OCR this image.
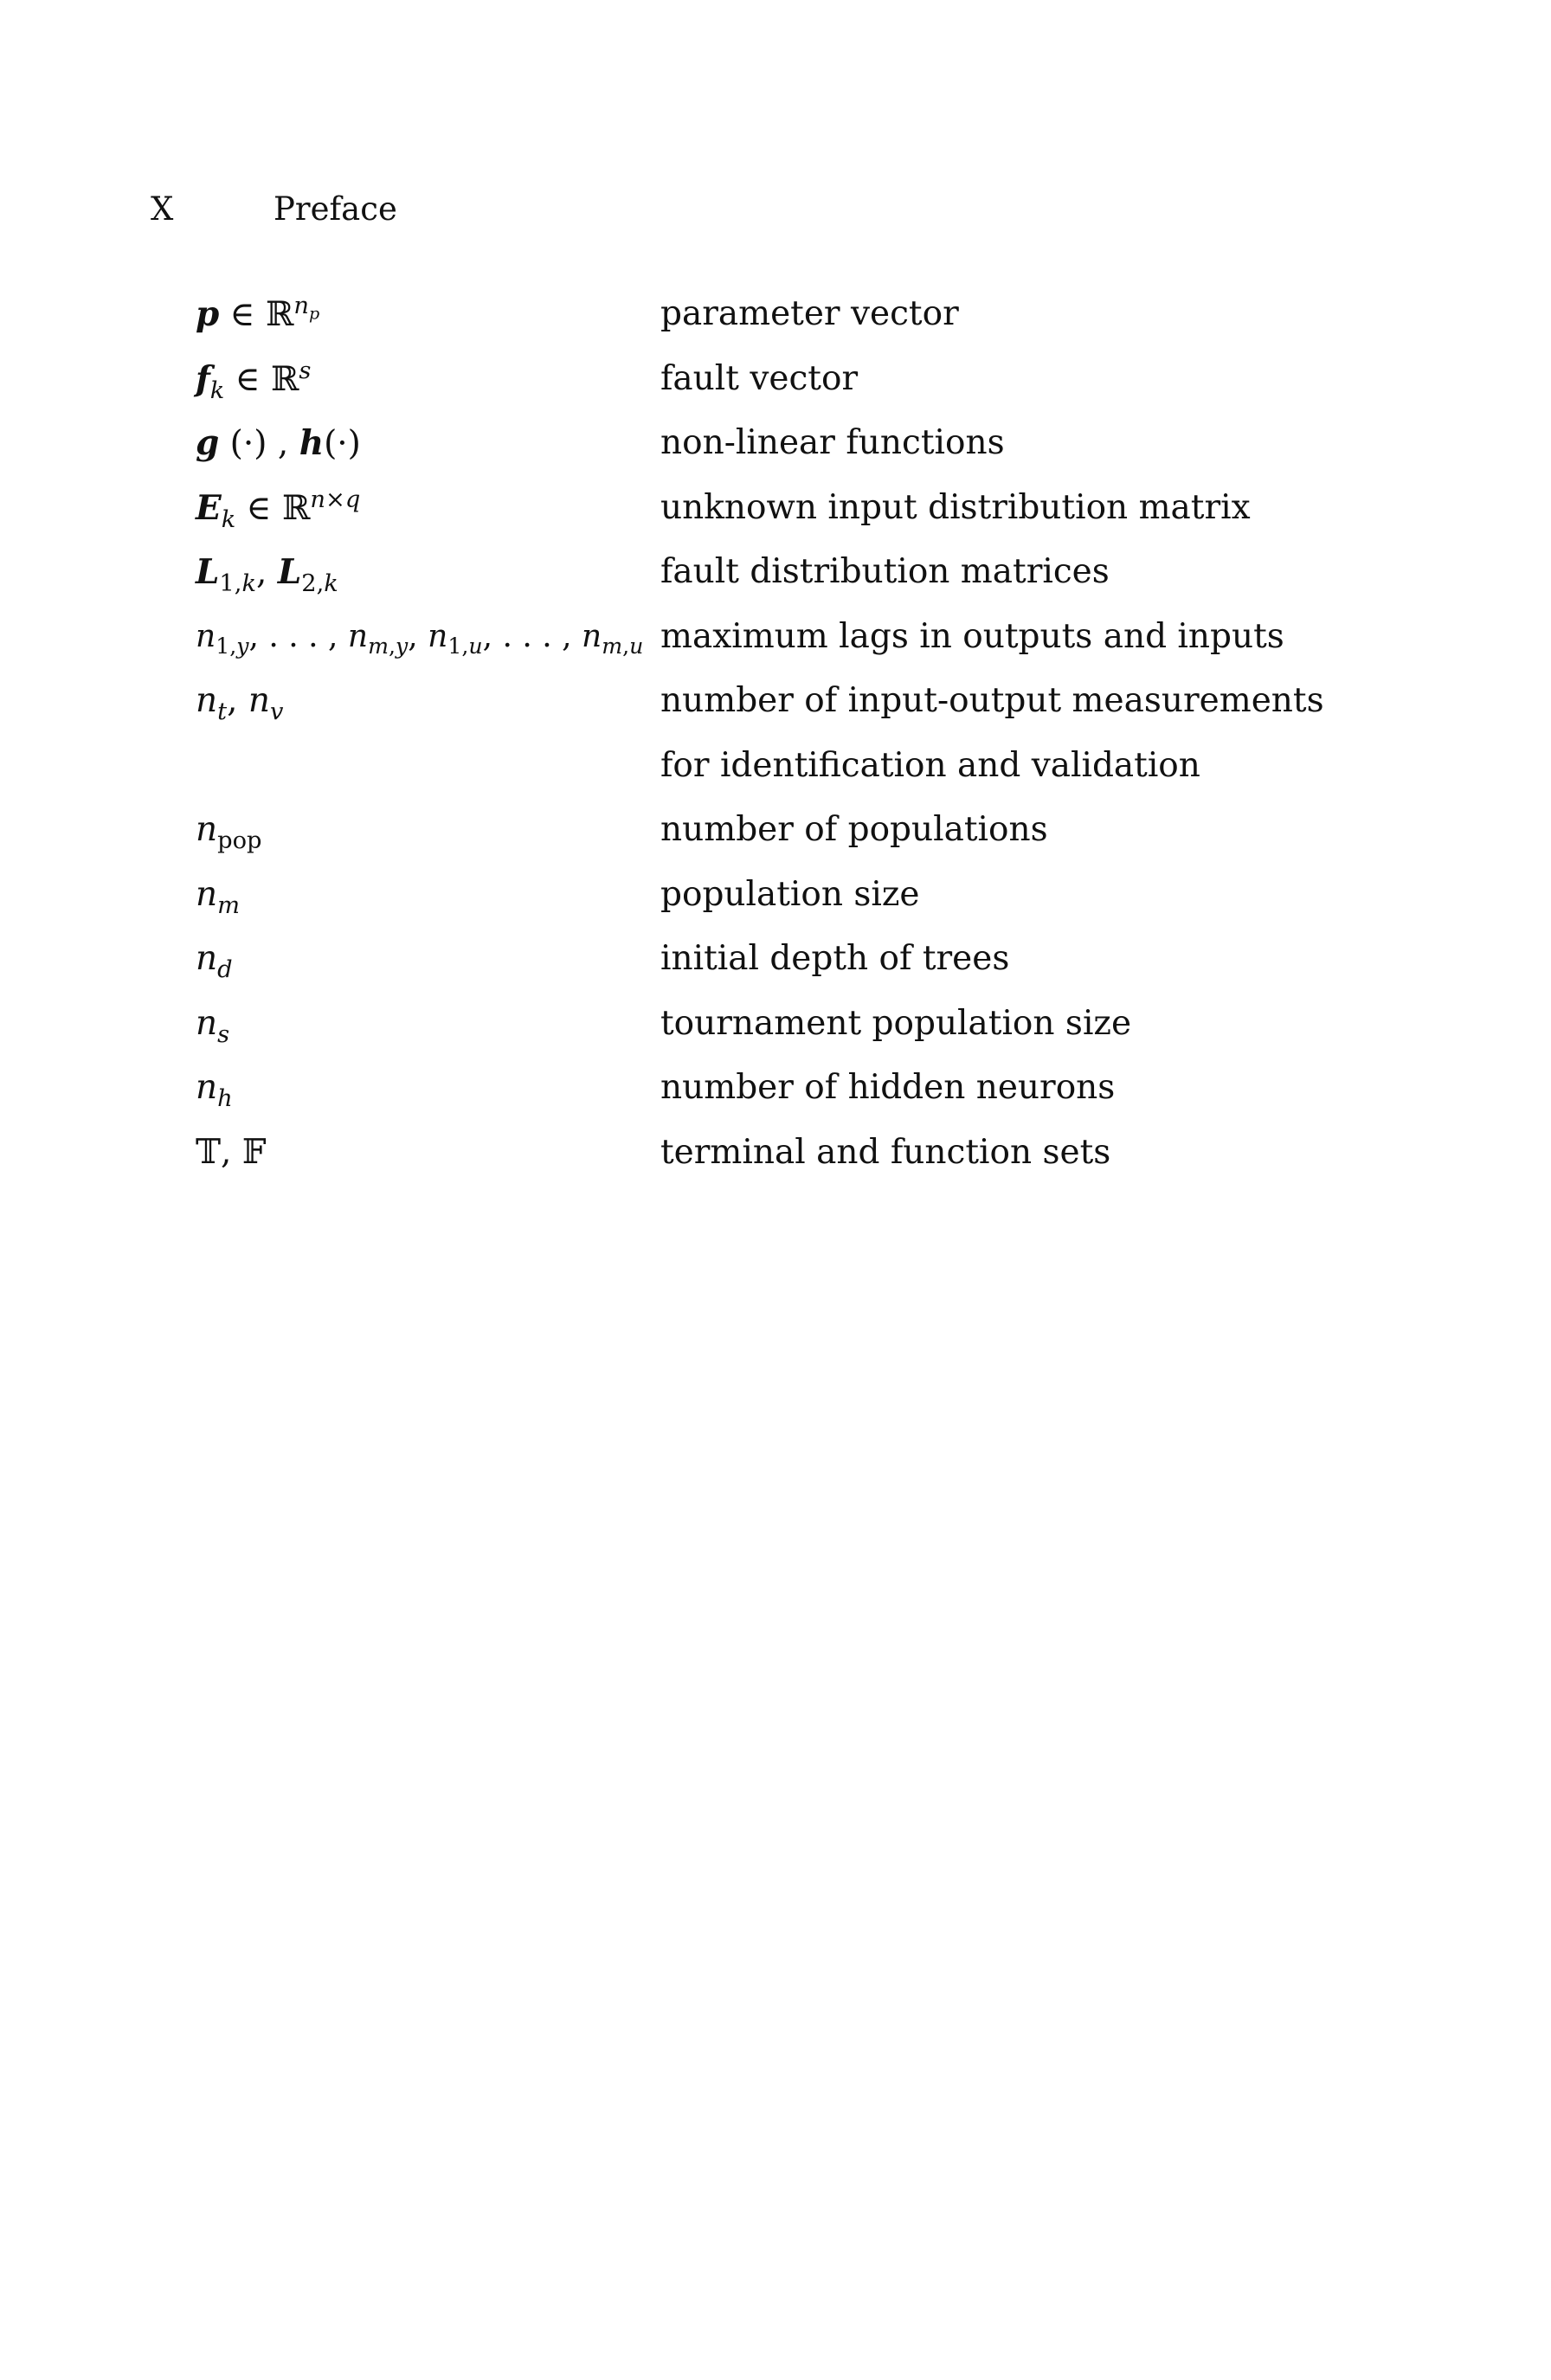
X	Preface
p ∈ ℝ$^{n_p}$	parameter vector
$f_k$ ∈ ℝ$^s$	fault vector
g (·) , h(·)	non-linear functions
$E_k$ ∈ ℝ$^{n\times q}$	unknown input distribution matrix
$L_{1,k}$, $L_{2,k}$	fault distribution matrices
$n_{1,y}$, . . . , $n_{m,y}$, $n_{1,u}$, . . . , $n_{m,u}$ maximum lags in outputs and inputs
$n_t$, $n_v$	number of input-output measurements
for identification and validation
$n_{pop}$	number of populations
$n_m$	population size
$n_d$	initial depth of trees
$n_s$	tournament population size
$n_h$	number of hidden neurons
𝕋, 𝔽	terminal and function sets
